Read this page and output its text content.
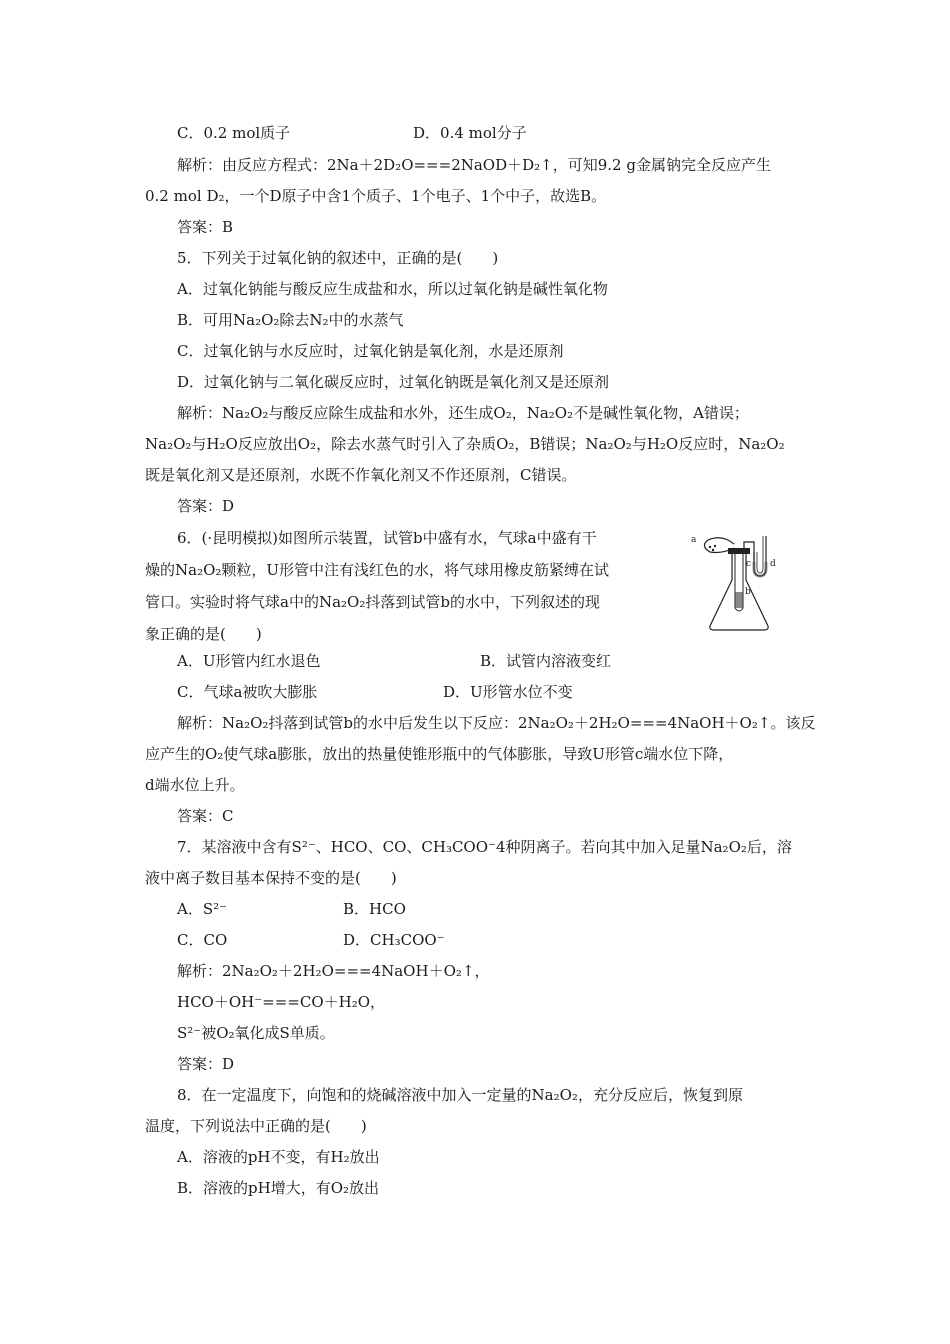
C．0.2 mol质子	D．0.4 mol分子
解析：由反应方程式：2Na＋2D₂O===2NaOD＋D₂↑，可知9.2 g金属钠完全反应产生
0.2 mol D₂，一个D原子中含1个质子、1个电子、1个中子，故选B。
答案：B
5．下列关于过氧化钠的叙述中，正确的是(　　)
A．过氧化钠能与酸反应生成盐和水，所以过氧化钠是碱性氧化物
B．可用Na₂O₂除去N₂中的水蒸气
C．过氧化钠与水反应时，过氧化钠是氧化剂，水是还原剂
D．过氧化钠与二氧化碳反应时，过氧化钠既是氧化剂又是还原剂
解析：Na₂O₂与酸反应除生成盐和水外，还生成O₂，Na₂O₂不是碱性氧化物，A错误；
Na₂O₂与H₂O反应放出O₂，除去水蒸气时引入了杂质O₂，B错误；Na₂O₂与H₂O反应时，Na₂O₂
既是氧化剂又是还原剂，水既不作氧化剂又不作还原剂，C错误。
答案：D
6．(·昆明模拟)如图所示装置，试管b中盛有水，气球a中盛有干
燥的Na₂O₂颗粒，U形管中注有浅红色的水，将气球用橡皮筋紧缚在试
管口。实验时将气球a中的Na₂O₂抖落到试管b的水中，下列叙述的现
象正确的是(　　)
A．U形管内红水退色	B．试管内溶液变红
C．气球a被吹大膨胀	D．U形管水位不变
解析：Na₂O₂抖落到试管b的水中后发生以下反应：2Na₂O₂＋2H₂O===4NaOH＋O₂↑。该反
应产生的O₂使气球a膨胀，放出的热量使锥形瓶中的气体膨胀，导致U形管c端水位下降，
d端水位上升。
答案：C
7．某溶液中含有S²⁻、HCO、CO、CH₃COO⁻4种阴离子。若向其中加入足量Na₂O₂后，溶
液中离子数目基本保持不变的是(　　)
A．S²⁻	B．HCO
C．CO	D．CH₃COO⁻
解析：2Na₂O₂＋2H₂O===4NaOH＋O₂↑，
HCO＋OH⁻===CO＋H₂O，
S²⁻被O₂氧化成S单质。
答案：D
8．在一定温度下，向饱和的烧碱溶液中加入一定量的Na₂O₂，充分反应后，恢复到原
温度，下列说法中正确的是(　　)
A．溶液的pH不变，有H₂放出
B．溶液的pH增大，有O₂放出
a
c d
b
